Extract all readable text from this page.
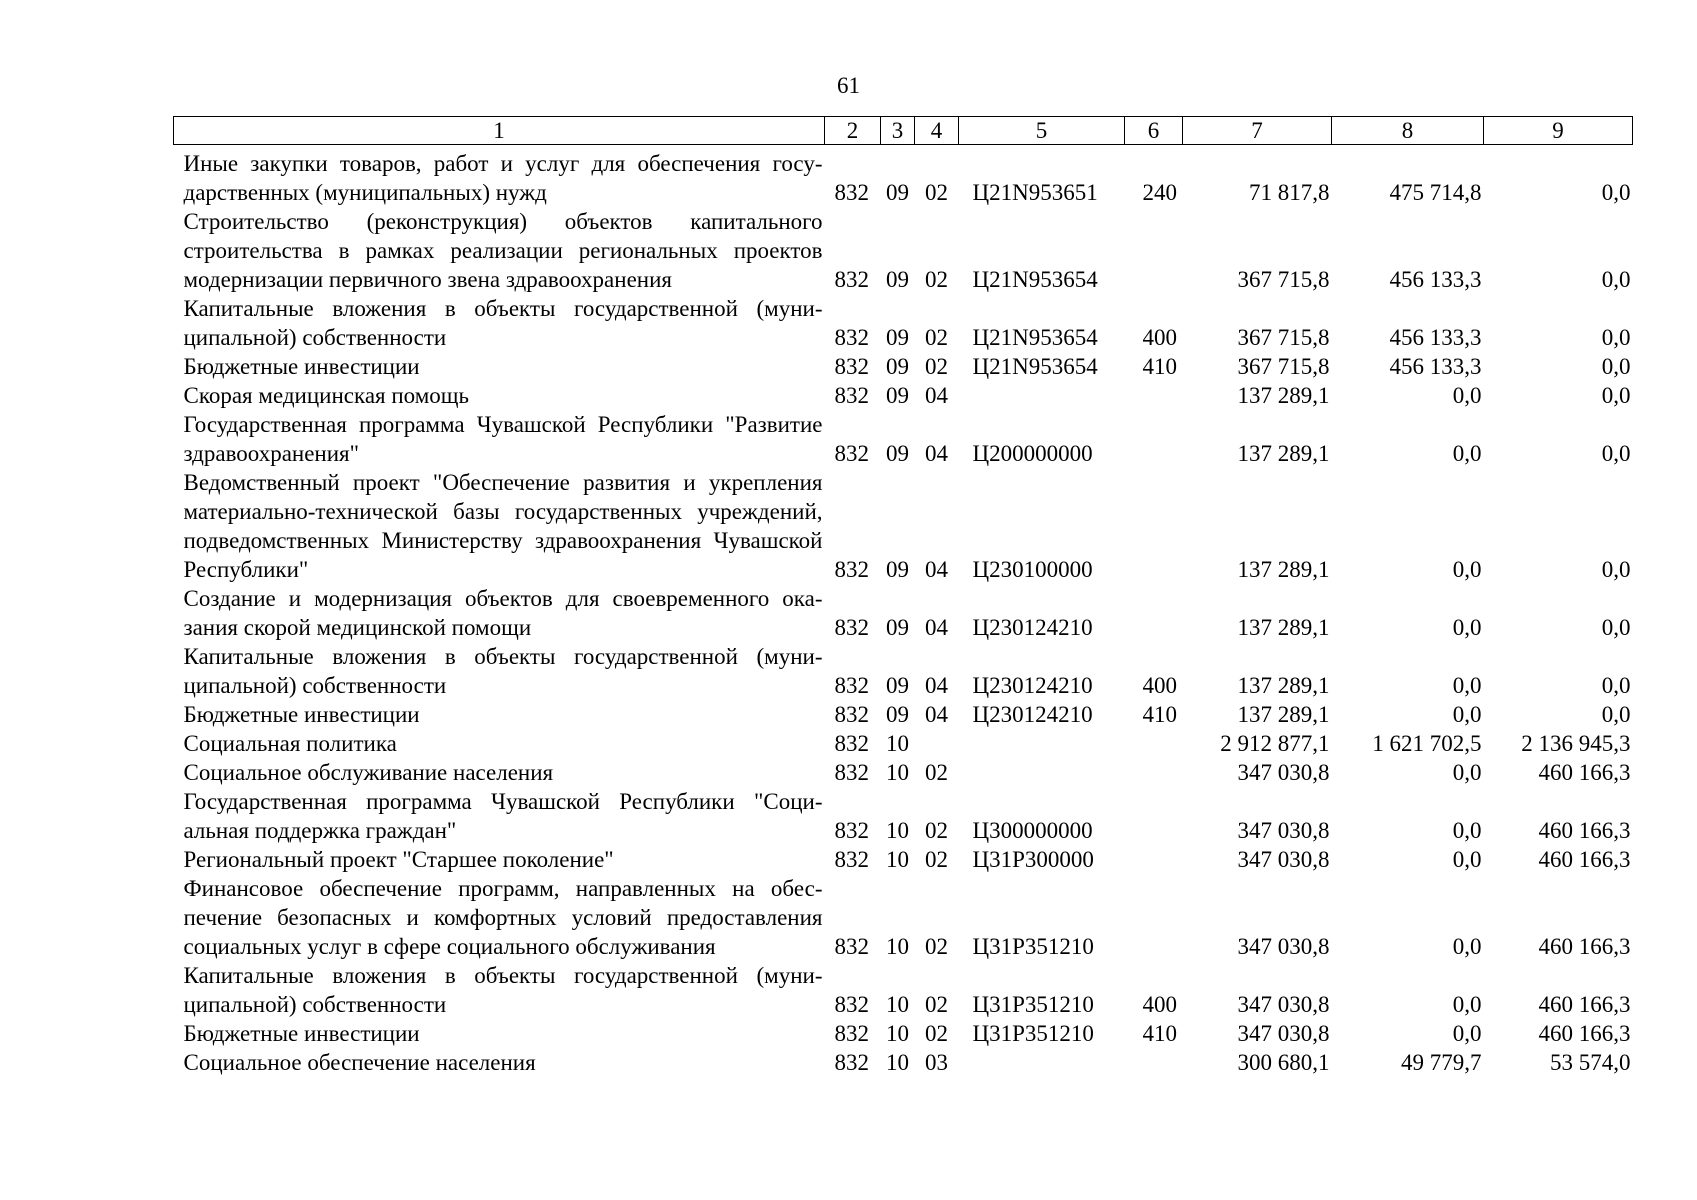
61
1	2	3	4	5	6	7	8	9
Иные закупки товаров, работ и услуг для обеспечения государственных (муниципальных) нужд	832	09	02	Ц21N953651	240	71 817,8	475 714,8	0,0
Строительство (реконструкция) объектов капитального строительства в рамках реализации региональных проектов модернизации первичного звена здравоохранения	832	09	02	Ц21N953654		367 715,8	456 133,3	0,0
Капитальные вложения в объекты государственной (муниципальной) собственности	832	09	02	Ц21N953654	400	367 715,8	456 133,3	0,0
Бюджетные инвестиции	832	09	02	Ц21N953654	410	367 715,8	456 133,3	0,0
Скорая медицинская помощь	832	09	04			137 289,1	0,0	0,0
Государственная программа Чувашской Республики "Развитие здравоохранения"	832	09	04	Ц200000000		137 289,1	0,0	0,0
Ведомственный проект "Обеспечение развития и укрепления материально-технической базы государственных учреждений, подведомственных Министерству здравоохранения Чувашской Республики"	832	09	04	Ц230100000		137 289,1	0,0	0,0
Создание и модернизация объектов для своевременного оказания скорой медицинской помощи	832	09	04	Ц230124210		137 289,1	0,0	0,0
Капитальные вложения в объекты государственной (муниципальной) собственности	832	09	04	Ц230124210	400	137 289,1	0,0	0,0
Бюджетные инвестиции	832	09	04	Ц230124210	410	137 289,1	0,0	0,0
Социальная политика	832	10				2 912 877,1	1 621 702,5	2 136 945,3
Социальное обслуживание населения	832	10	02			347 030,8	0,0	460 166,3
Государственная программа Чувашской Республики "Социальная поддержка граждан"	832	10	02	Ц300000000		347 030,8	0,0	460 166,3
Региональный проект "Старшее поколение"	832	10	02	Ц31P300000		347 030,8	0,0	460 166,3
Финансовое обеспечение программ, направленных на обеспечение безопасных и комфортных условий предоставления социальных услуг в сфере социального обслуживания	832	10	02	Ц31P351210		347 030,8	0,0	460 166,3
Капитальные вложения в объекты государственной (муниципальной) собственности	832	10	02	Ц31P351210	400	347 030,8	0,0	460 166,3
Бюджетные инвестиции	832	10	02	Ц31P351210	410	347 030,8	0,0	460 166,3
Социальное обеспечение населения	832	10	03			300 680,1	49 779,7	53 574,0
